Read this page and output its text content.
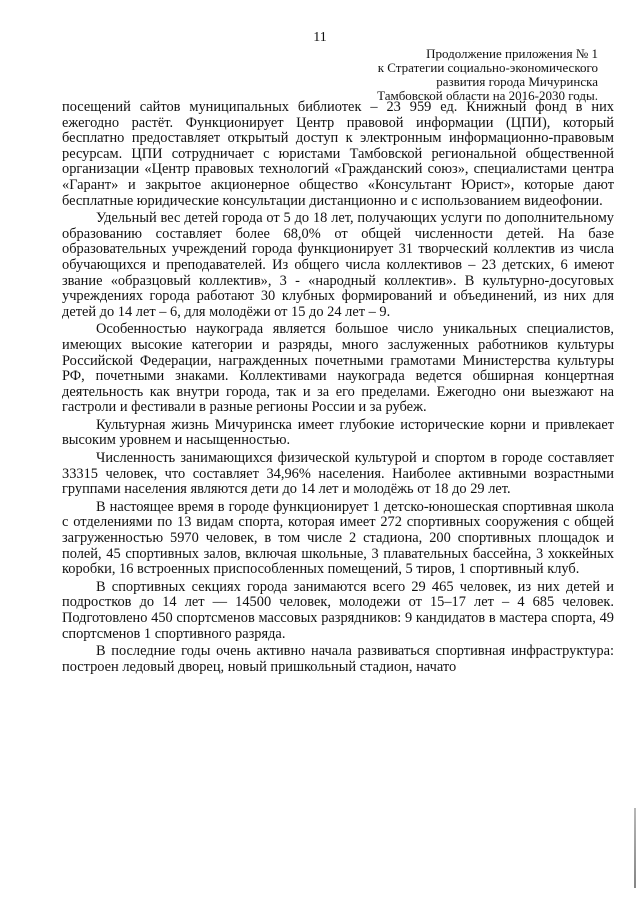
11
Продолжение приложения № 1
к Стратегии социально-экономического
развития города Мичуринска
Тамбовской области на 2016-2030 годы.

посещений сайтов муниципальных библиотек – 23 959 ед. Книжный фонд в них ежегодно растёт. Функционирует Центр правовой информации (ЦПИ), который бесплатно предоставляет открытый доступ к электронным информационно-правовым ресурсам. ЦПИ сотрудничает с юристами Тамбовской региональной общественной организации «Центр правовых технологий «Гражданский союз», специалистами центра «Гарант» и закрытое акционерное общество «Консультант Юрист», которые дают бесплатные юридические консультации дистанционно и с использованием видеофонии.

Удельный вес детей города от 5 до 18 лет, получающих услуги по дополнительному образованию составляет более 68,0% от общей численности детей. На базе образовательных учреждений города функционирует 31 творческий коллектив из числа обучающихся и преподавателей. Из общего числа коллективов – 23 детских, 6 имеют звание «образцовый коллектив», 3 - «народный коллектив». В культурно-досуговых учреждениях города работают 30 клубных формирований и объединений, из них для детей до 14 лет – 6, для молодёжи от 15 до 24 лет – 9.

Особенностью наукограда является большое число уникальных специалистов, имеющих высокие категории и разряды, много заслуженных работников культуры Российской Федерации, награжденных почетными грамотами Министерства культуры РФ, почетными знаками. Коллективами наукограда ведется обширная концертная деятельность как внутри города, так и за его пределами. Ежегодно они выезжают на гастроли и фестивали в разные регионы России и за рубеж.

Культурная жизнь Мичуринска имеет глубокие исторические корни и привлекает высоким уровнем и насыщенностью.

Численность занимающихся физической культурой и спортом в городе составляет 33315 человек, что составляет 34,96% населения. Наиболее активными возрастными группами населения являются дети до 14 лет и молодёжь от 18 до 29 лет.

В настоящее время в городе функционирует 1 детско-юношеская спортивная школа с отделениями по 13 видам спорта, которая имеет 272 спортивных сооружения с общей загруженностью 5970 человек, в том числе 2 стадиона, 200 спортивных площадок и полей, 45 спортивных залов, включая школьные, 3 плавательных бассейна, 3 хоккейных коробки, 16 встроенных приспособленных помещений, 5 тиров, 1 спортивный клуб.

В спортивных секциях города занимаются всего 29 465 человек, из них детей и подростков до 14 лет — 14500 человек, молодежи от 15–17 лет – 4 685 человек. Подготовлено 450 спортсменов массовых разрядников: 9 кандидатов в мастера спорта, 49 спортсменов 1 спортивного разряда.

В последние годы очень активно начала развиваться спортивная инфраструктура: построен ледовый дворец, новый пришкольный стадион, начато
